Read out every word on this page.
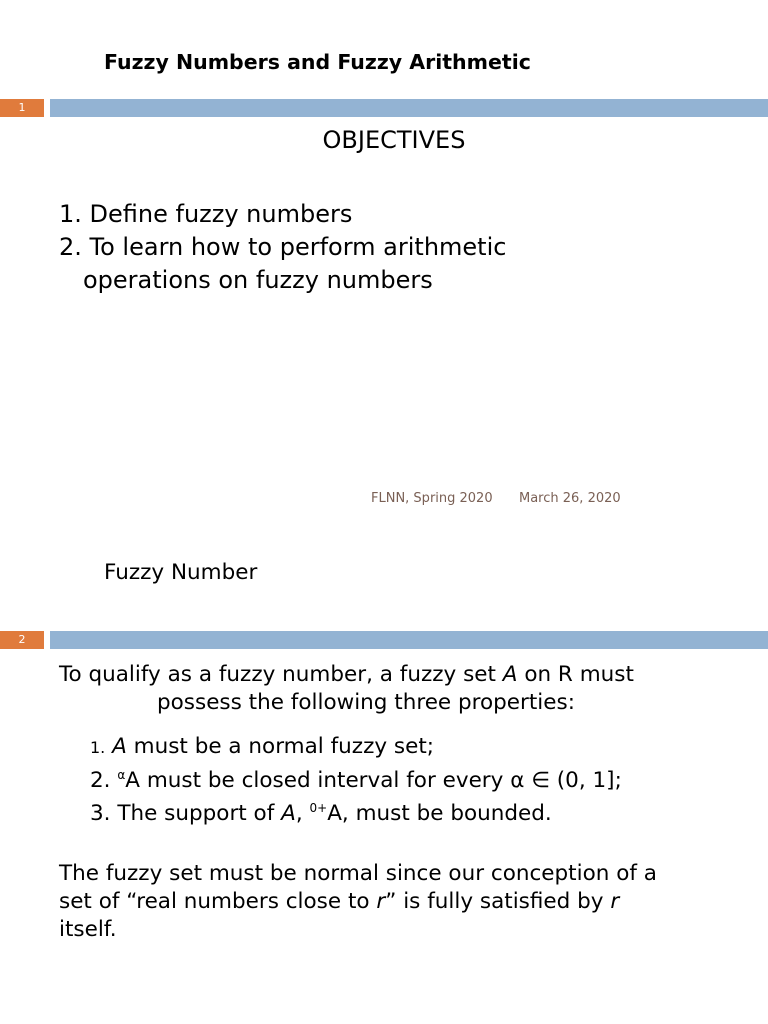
Fuzzy Numbers and Fuzzy Arithmetic
1
OBJECTIVES
1. Define fuzzy numbers
2. To learn how to perform arithmetic
operations on fuzzy numbers
FLNN, Spring 2020 March 26, 2020
Fuzzy Number
2
To qualify as a fuzzy number, a fuzzy set A on R must
possess the following three properties:
1. A must be a normal fuzzy set;
2. $^\alpha$A must be closed interval for every α ∈ (0, 1];
3. The support of A, $^{0+}$A, must be bounded.
The fuzzy set must be normal since our conception of a
set of “real numbers close to r” is fully satisfied by r
itself.
